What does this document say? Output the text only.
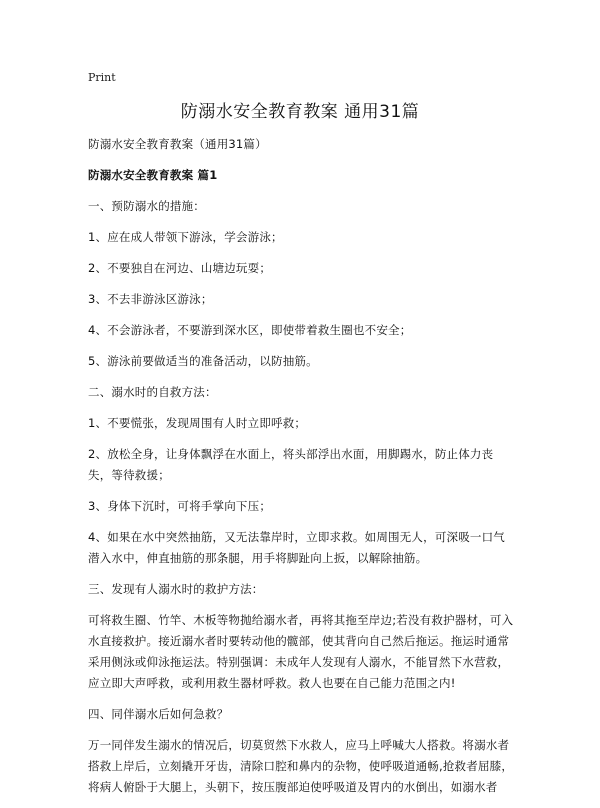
Print
防溺水安全教育教案 通用31篇

防溺水安全教育教案（通用31篇）

防溺水安全教育教案 篇1

一、预防溺水的措施：

1、应在成人带领下游泳，学会游泳；

2、不要独自在河边、山塘边玩耍；

3、不去非游泳区游泳；

4、不会游泳者，不要游到深水区，即使带着救生圈也不安全；

5、游泳前要做适当的准备活动，以防抽筋。

二、溺水时的自救方法：

1、不要慌张，发现周围有人时立即呼救；

2、放松全身，让身体飘浮在水面上，将头部浮出水面，用脚踢水，防止体力丧失，等待救援；

3、身体下沉时，可将手掌向下压；

4、如果在水中突然抽筋，又无法靠岸时，立即求救。如周围无人，可深吸一口气潜入水中，伸直抽筋的那条腿，用手将脚趾向上扳，以解除抽筋。

三、发现有人溺水时的救护方法：

可将救生圈、竹竿、木板等物抛给溺水者，再将其拖至岸边;若没有救护器材，可入水直接救护。接近溺水者时要转动他的髋部，使其背向自己然后拖运。拖运时通常采用侧泳或仰泳拖运法。特别强调：未成年人发现有人溺水，不能冒然下水营救，应立即大声呼救，或利用救生器材呼救。救人也要在自己能力范围之内!

四、同伴溺水后如何急救？

万一同伴发生溺水的情况后，切莫贸然下水救人，应马上呼喊大人搭救。将溺水者搭救上岸后，立刻撬开牙齿，清除口腔和鼻内的杂物，使呼吸道通畅,抢救者屈膝，将病人俯卧于大腿上，头朝下，按压腹部迫使呼吸道及胃内的水倒出，如溺水者
